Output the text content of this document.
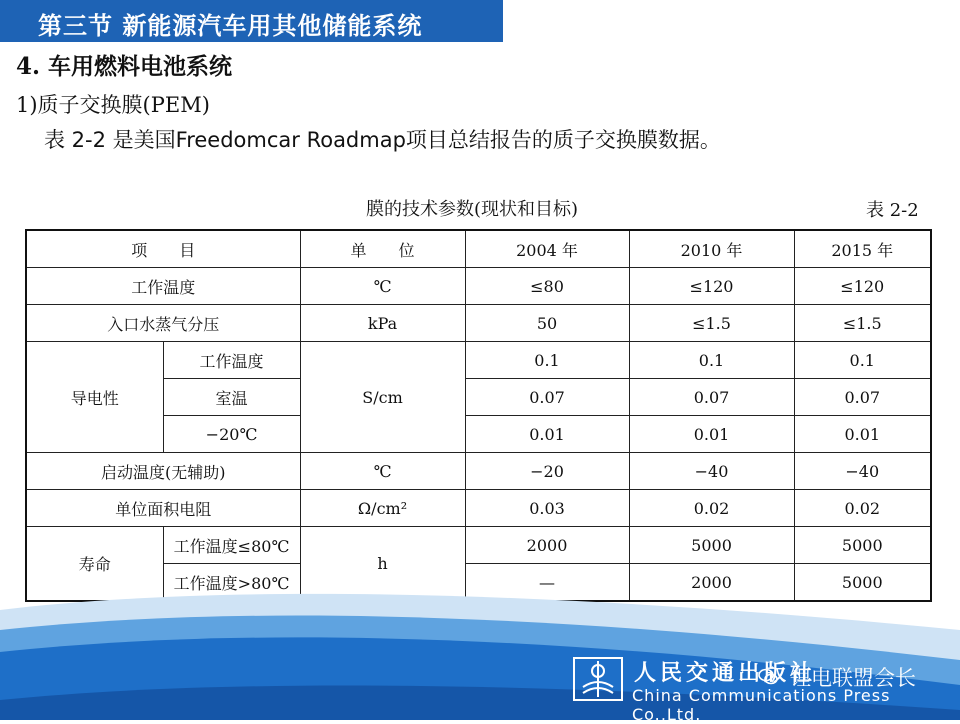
第三节 新能源汽车用其他储能系统
4. 车用燃料电池系统
1)质子交换膜(PEM)
表 2-2 是美国Freedomcar Roadmap项目总结报告的质子交换膜数据。
膜的技术参数(现状和目标)	表 2-2
项　　目		单　　位	2004 年	2010 年	2015 年
工作温度		℃	≤80	≤120	≤120
入口水蒸气分压		kPa	50	≤1.5	≤1.5
导电性	工作温度	S/cm	0.1	0.1	0.1
	室温		0.07	0.07	0.07
	−20℃		0.01	0.01	0.01
启动温度(无辅助)		℃	−20	−40	−40
单位面积电阻		Ω/cm²	0.03	0.02	0.02
寿命	工作温度≤80℃	h	2000	5000	5000
	工作温度>80℃		—	2000	5000
人民交通出版社
China Communications Press Co.,Ltd.
锂电联盟会长
